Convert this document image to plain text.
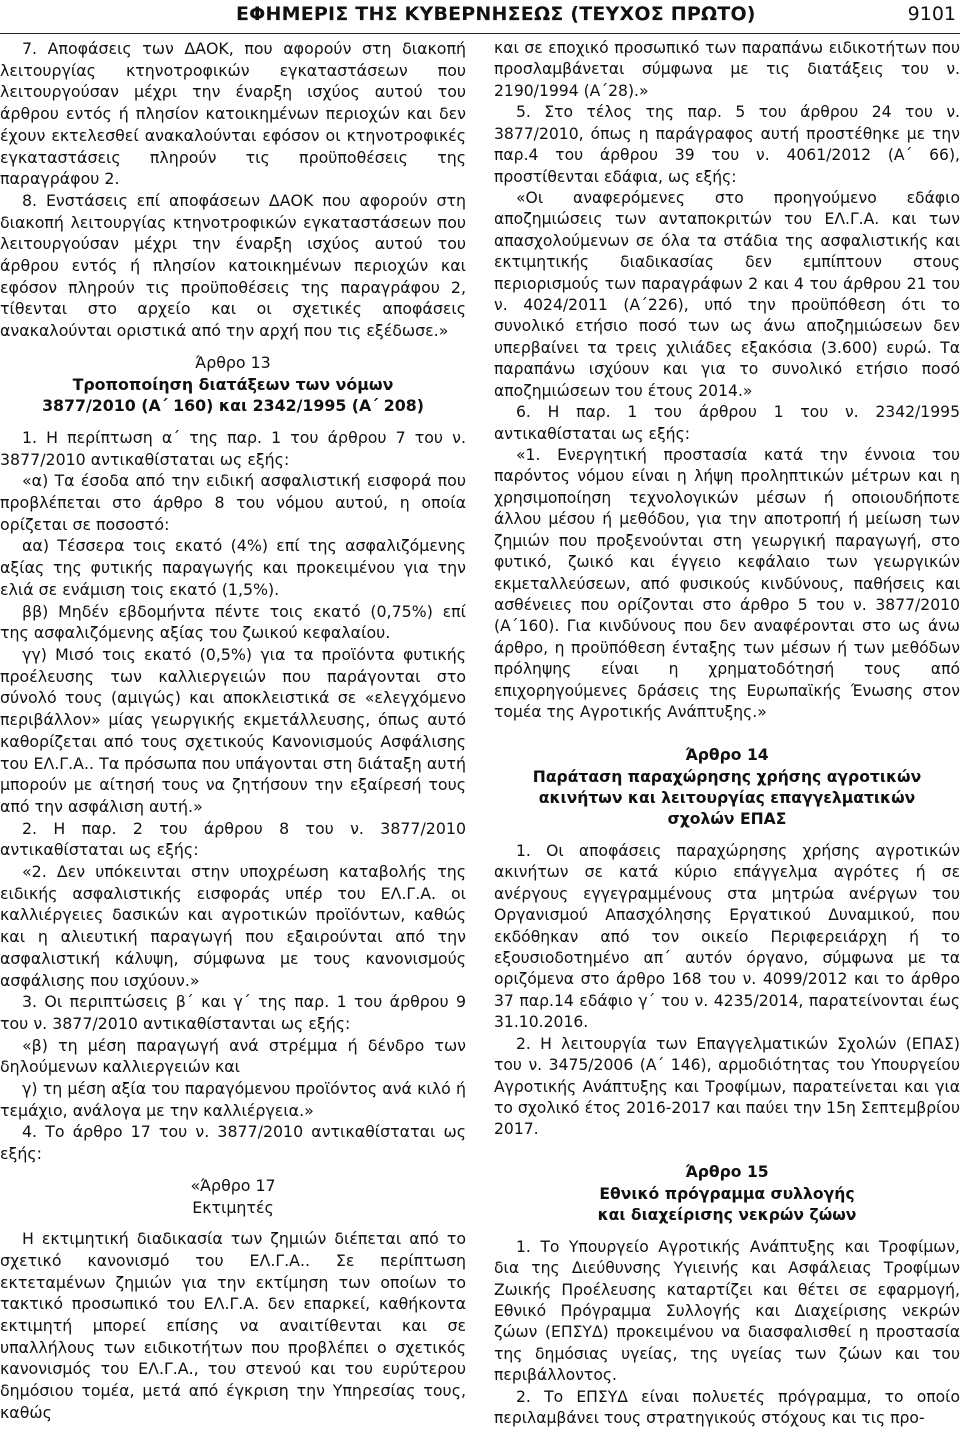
ΕΦΗΜΕΡΙΣ ΤΗΣ ΚΥΒΕΡΝΗΣΕΩΣ (ΤΕΥΧΟΣ ΠΡΩΤΟ)	9101

7. Αποφάσεις των ΔΑΟΚ, που αφορούν στη διακοπή λειτουργίας κτηνοτροφικών εγκαταστάσεων που λειτουργούσαν μέχρι την έναρξη ισχύος αυτού του άρθρου εντός ή πλησίον κατοικημένων περιοχών και δεν έχουν εκτελεσθεί ανακαλούνται εφόσον οι κτηνοτροφικές εγκαταστάσεις πληρούν τις προϋποθέσεις της παραγράφου 2.

8. Ενστάσεις επί αποφάσεων ΔΑΟΚ που αφορούν στη διακοπή λειτουργίας κτηνοτροφικών εγκαταστάσεων που λειτουργούσαν μέχρι την έναρξη ισχύος αυτού του άρθρου εντός ή πλησίον κατοικημένων περιοχών και εφόσον πληρούν τις προϋποθέσεις της παραγράφου 2, τίθενται στο αρχείο και οι σχετικές αποφάσεις ανακαλούνται οριστικά από την αρχή που τις εξέδωσε.»

Άρθρο 13

Τροποποίηση διατάξεων των νόμων

3877/2010 (Α΄ 160) και 2342/1995 (Α΄ 208)

1. Η περίπτωση α΄ της παρ. 1 του άρθρου 7 του ν. 3877/2010 αντικαθίσταται ως εξής:

«α) Τα έσοδα από την ειδική ασφαλιστική εισφορά που προβλέπεται στο άρθρο 8 του νόμου αυτού, η οποία ορίζεται σε ποσοστό:

αα) Τέσσερα τοις εκατό (4%) επί της ασφαλιζόμενης αξίας της φυτικής παραγωγής και προκειμένου για την ελιά σε ενάμιση τοις εκατό (1,5%).

ββ) Μηδέν εβδομήντα πέντε τοις εκατό (0,75%) επί της ασφαλιζόμενης αξίας του ζωικού κεφαλαίου.

γγ) Μισό τοις εκατό (0,5%) για τα προϊόντα φυτικής προέλευσης των καλλιεργειών που παράγονται στο σύνολό τους (αμιγώς) και αποκλειστικά σε «ελεγχόμενο περιβάλλον» μίας γεωργικής εκμετάλλευσης, όπως αυτό καθορίζεται από τους σχετικούς Κανονισμούς Ασφάλισης του ΕΛ.Γ.Α.. Τα πρόσωπα που υπάγονται στη διάταξη αυτή μπορούν με αίτησή τους να ζητήσουν την εξαίρεσή τους από την ασφάλιση αυτή.»

2. Η παρ. 2 του άρθρου 8 του ν. 3877/2010 αντικαθίσταται ως εξής:

«2. Δεν υπόκεινται στην υποχρέωση καταβολής της ειδικής ασφαλιστικής εισφοράς υπέρ του ΕΛ.Γ.Α. οι καλλιέργειες δασικών και αγροτικών προϊόντων, καθώς και η αλιευτική παραγωγή που εξαιρούνται από την ασφαλιστική κάλυψη, σύμφωνα με τους κανονισμούς ασφάλισης που ισχύουν.»

3. Οι περιπτώσεις β΄ και γ΄ της παρ. 1 του άρθρου 9 του ν. 3877/2010 αντικαθίστανται ως εξής:

«β) τη μέση παραγωγή ανά στρέμμα ή δένδρο των δηλούμενων καλλιεργειών και

γ) τη μέση αξία του παραγόμενου προϊόντος ανά κιλό ή τεμάχιο, ανάλογα με την καλλιέργεια.»

4. Το άρθρο 17 του ν. 3877/2010 αντικαθίσταται ως εξής:

«Άρθρο 17

Εκτιμητές

Η εκτιμητική διαδικασία των ζημιών διέπεται από το σχετικό κανονισμό του ΕΛ.Γ.Α.. Σε περίπτωση εκτεταμένων ζημιών για την εκτίμηση των οποίων το τακτικό προσωπικό του ΕΛ.Γ.Α. δεν επαρκεί, καθήκοντα εκτιμητή μπορεί επίσης να αναιτίθενται και σε υπαλλήλους των ειδικοτήτων που προβλέπει ο σχετικός κανονισμός του ΕΛ.Γ.Α., του στενού και του ευρύτερου δημόσιου τομέα, μετά από έγκριση την Υπηρεσίας τους, καθώς

και σε εποχικό προσωπικό των παραπάνω ειδικοτήτων που προσλαμβάνεται σύμφωνα με τις διατάξεις του ν. 2190/1994 (Α΄28).»

5. Στο τέλος της παρ. 5 του άρθρου 24 του ν. 3877/2010, όπως η παράγραφος αυτή προστέθηκε με την παρ.4 του άρθρου 39 του ν. 4061/2012 (Α΄ 66), προστίθενται εδάφια, ως εξής:

«Οι αναφερόμενες στο προηγούμενο εδάφιο αποζημιώσεις των ανταποκριτών του ΕΛ.Γ.Α. και των απασχολούμενων σε όλα τα στάδια της ασφαλιστικής και εκτιμητικής διαδικασίας δεν εμπίπτουν στους περιορισμούς των παραγράφων 2 και 4 του άρθρου 21 του ν. 4024/2011 (Α΄226), υπό την προϋπόθεση ότι το συνολικό ετήσιο ποσό των ως άνω αποζημιώσεων δεν υπερβαίνει τα τρεις χιλιάδες εξακόσια (3.600) ευρώ. Τα παραπάνω ισχύουν και για το συνολικό ετήσιο ποσό αποζημιώσεων του έτους 2014.»

6. Η παρ. 1 του άρθρου 1 του ν. 2342/1995 αντικαθίσταται ως εξής:

«1. Ενεργητική προστασία κατά την έννοια του παρόντος νόμου είναι η λήψη προληπτικών μέτρων και η χρησιμοποίηση τεχνολογικών μέσων ή οποιουδήποτε άλλου μέσου ή μεθόδου, για την αποτροπή ή μείωση των ζημιών που προξενούνται στη γεωργική παραγωγή, στο φυτικό, ζωικό και έγγειο κεφάλαιο των γεωργικών εκμεταλλεύσεων, από φυσικούς κινδύνους, παθήσεις και ασθένειες που ορίζονται στο άρθρο 5 του ν. 3877/2010 (Α΄160). Για κινδύνους που δεν αναφέρονται στο ως άνω άρθρο, η προϋπόθεση ένταξης των μέσων ή των μεθόδων πρόληψης είναι η χρηματοδότησή τους από επιχορηγούμενες δράσεις της Ευρωπαϊκής Ένωσης στον τομέα της Αγροτικής Ανάπτυξης.»

Άρθρο 14

Παράταση παραχώρησης χρήσης αγροτικών

ακινήτων και λειτουργίας επαγγελματικών

σχολών ΕΠΑΣ

1. Οι αποφάσεις παραχώρησης χρήσης αγροτικών ακινήτων σε κατά κύριο επάγγελμα αγρότες ή σε ανέργους εγγεγραμμένους στα μητρώα ανέργων του Οργανισμού Απασχόλησης Εργατικού Δυναμικού, που εκδόθηκαν από τον οικείο Περιφερειάρχη ή το εξουσιοδοτημένο απ΄ αυτόν όργανο, σύμφωνα με τα οριζόμενα στο άρθρο 168 του ν. 4099/2012 και το άρθρο 37 παρ.14 εδάφιο γ΄ του ν. 4235/2014, παρατείνονται έως 31.10.2016.

2. Η λειτουργία των Επαγγελματικών Σχολών (ΕΠΑΣ) του ν. 3475/2006 (Α΄ 146), αρμοδιότητας του Υπουργείου Αγροτικής Ανάπτυξης και Τροφίμων, παρατείνεται και για το σχολικό έτος 2016-2017 και παύει την 15η Σεπτεμβρίου 2017.

Άρθρο 15

Εθνικό πρόγραμμα συλλογής

και διαχείρισης νεκρών ζώων

1. Το Υπουργείο Αγροτικής Ανάπτυξης και Τροφίμων, δια της Διεύθυνσης Υγιεινής και Ασφάλειας Τροφίμων Ζωικής Προέλευσης καταρτίζει και θέτει σε εφαρμογή, Εθνικό Πρόγραμμα Συλλογής και Διαχείρισης νεκρών ζώων (ΕΠΣΥΔ) προκειμένου να διασφαλισθεί η προστασία της δημόσιας υγείας, της υγείας των ζώων και του περιβάλλοντος.

2. Το ΕΠΣΥΔ είναι πολυετές πρόγραμμα, το οποίο περιλαμβάνει τους στρατηγικούς στόχους και τις προ-
